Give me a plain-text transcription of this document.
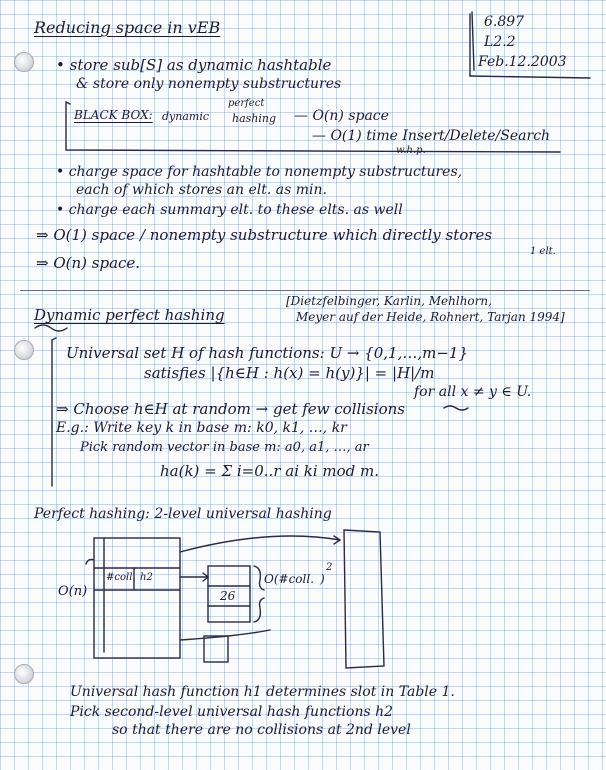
6.897
L2.2
Feb.12.2003
Reducing space in vEB
• store sub[S] as dynamic hashtable
& store only nonempty substructures
BLACK BOX: dynamic
perfect
hashing — O(n) space
— O(1) time Insert/Delete/Search
w.h.p.
• charge space for hashtable to nonempty substructures,
each of which stores an elt. as min.
• charge each summary elt. to these elts. as well
⇒ O(1) space / nonempty substructure which directly stores
1 elt.
⇒ O(n) space.
Dynamic perfect hashing
[Dietzfelbinger, Karlin, Mehlhorn,
Meyer auf der Heide, Rohnert, Tarjan 1994]
Universal set H of hash functions: U → {0,1,…,m−1}
satisfies |{h∈H : h(x) = h(y)}| = |H|/m
for all x ≠ y ∈ U.
⇒ Choose h∈H at random → get few collisions
E.g.: Write key k in base m: k0, k1, …, kr
Pick random vector in base m: a0, a1, …, ar
ha(k) = Σ i=0..r ai ki mod m.
Perfect hashing: 2-level universal hashing
O(n)
#coll. h2
26
O(#coll.
2
)
Universal hash function h1 determines slot in Table 1.
Pick second-level universal hash functions h2
so that there are no collisions at 2nd level
